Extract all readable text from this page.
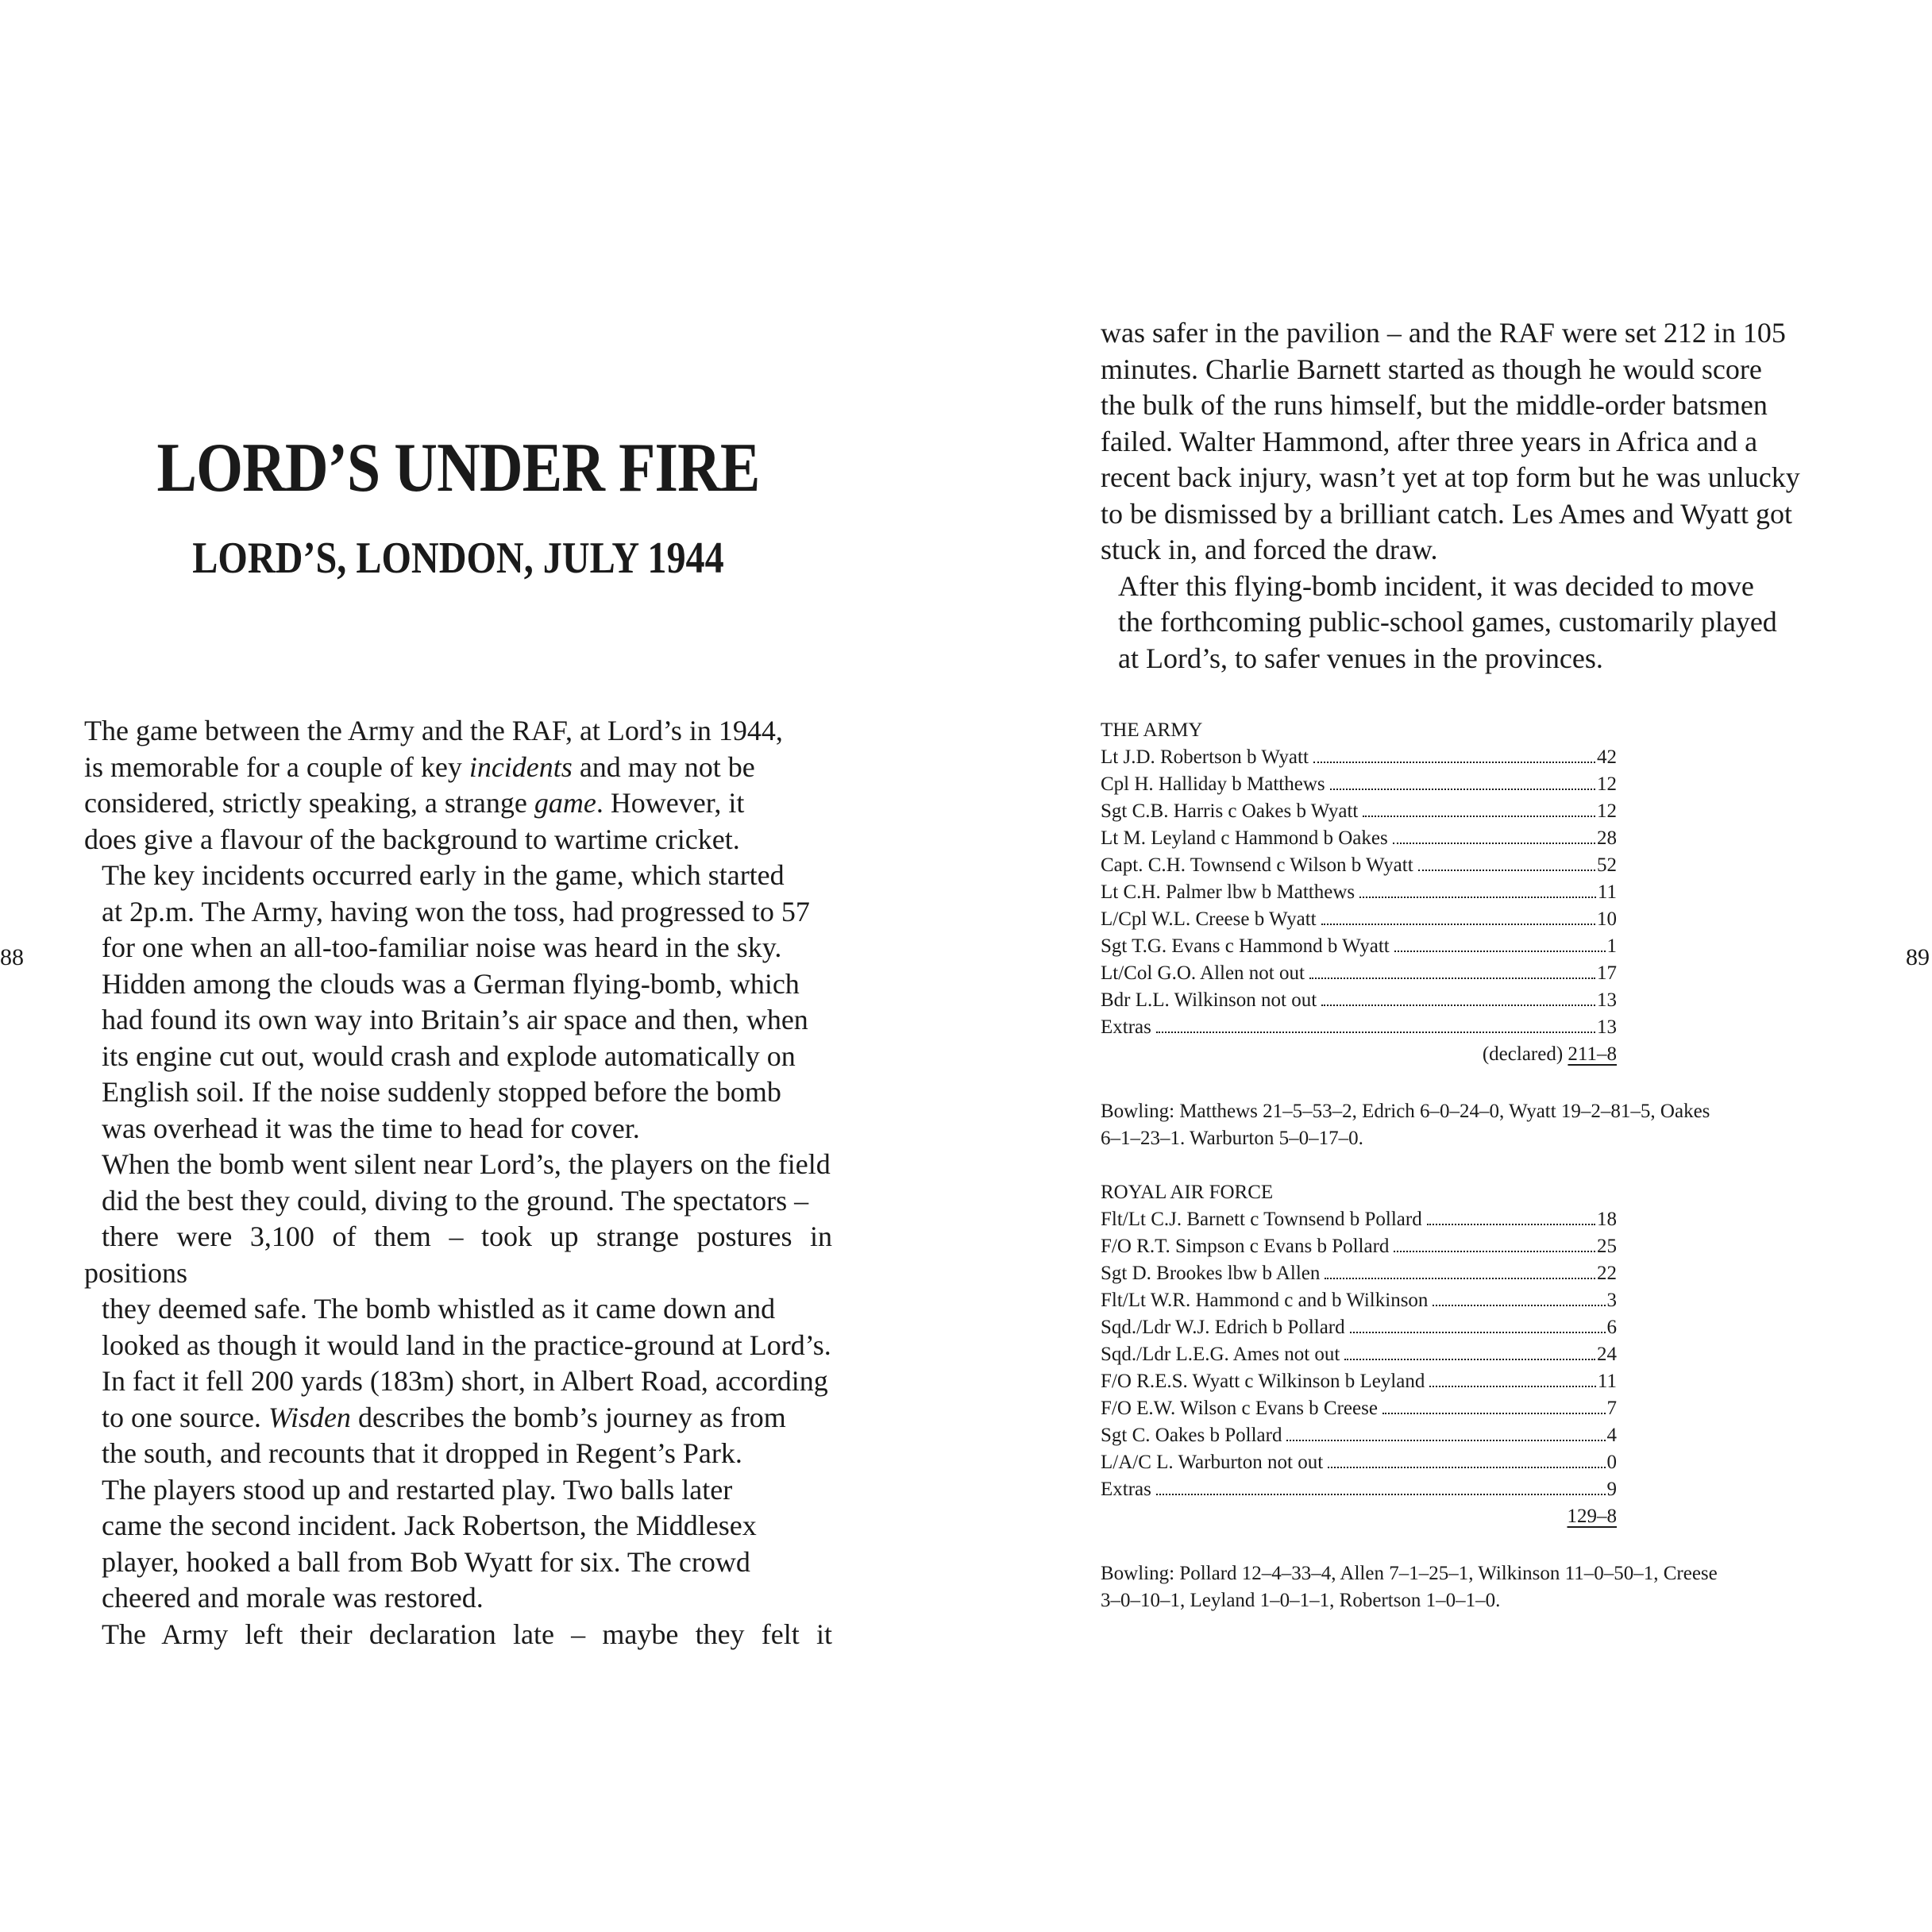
88	89
LORD’S UNDER FIRE
LORD’S, LONDON, JULY 1944

The game between the Army and the RAF, at Lord’s in 1944,
is memorable for a couple of key incidents and may not be
considered, strictly speaking, a strange game. However, it
does give a flavour of the background to wartime cricket.

The key incidents occurred early in the game, which started
at 2p.m. The Army, having won the toss, had progressed to 57
for one when an all-too-familiar noise was heard in the sky.
Hidden among the clouds was a German flying-bomb, which
had found its own way into Britain’s air space and then, when
its engine cut out, would crash and explode automatically on
English soil. If the noise suddenly stopped before the bomb
was overhead it was the time to head for cover.

When the bomb went silent near Lord’s, the players on the field
did the best they could, diving to the ground. The spectators –
there were 3,100 of them – took up strange postures in positions
they deemed safe. The bomb whistled as it came down and
looked as though it would land in the practice-ground at Lord’s.
In fact it fell 200 yards (183m) short, in Albert Road, according
to one source. Wisden describes the bomb’s journey as from
the south, and recounts that it dropped in Regent’s Park.

The players stood up and restarted play. Two balls later
came the second incident. Jack Robertson, the Middlesex
player, hooked a ball from Bob Wyatt for six. The crowd
cheered and morale was restored.

The Army left their declaration late – maybe they felt it

was safer in the pavilion – and the RAF were set 212 in 105
minutes. Charlie Barnett started as though he would score
the bulk of the runs himself, but the middle-order batsmen
failed. Walter Hammond, after three years in Africa and a
recent back injury, wasn’t yet at top form but he was unlucky
to be dismissed by a brilliant catch. Les Ames and Wyatt got
stuck in, and forced the draw.

After this flying-bomb incident, it was decided to move
the forthcoming public-school games, customarily played
at Lord’s, to safer venues in the provinces.

THE ARMY
Lt J.D. Robertson b Wyatt	42
Cpl H. Halliday b Matthews	12
Sgt C.B. Harris c Oakes b Wyatt	12
Lt M. Leyland c Hammond b Oakes	28
Capt. C.H. Townsend c Wilson b Wyatt	52
Lt C.H. Palmer lbw b Matthews	11
L/Cpl W.L. Creese b Wyatt	10
Sgt T.G. Evans c Hammond b Wyatt	1
Lt/Col G.O. Allen not out	17
Bdr L.L. Wilkinson not out	13
Extras	13
(declared) 211–8
Bowling: Matthews 21–5–53–2, Edrich 6–0–24–0, Wyatt 19–2–81–5, Oakes
6–1–23–1. Warburton 5–0–17–0.
ROYAL AIR FORCE
Flt/Lt C.J. Barnett c Townsend b Pollard	18
F/O R.T. Simpson c Evans b Pollard	25
Sgt D. Brookes lbw b Allen	22
Flt/Lt W.R. Hammond c and b Wilkinson	3
Sqd./Ldr W.J. Edrich b Pollard	6
Sqd./Ldr L.E.G. Ames not out	24
F/O R.E.S. Wyatt c Wilkinson b Leyland	11
F/O E.W. Wilson c Evans b Creese	7
Sgt C. Oakes b Pollard	4
L/A/C L. Warburton not out	0
Extras	9
129–8
Bowling: Pollard 12–4–33–4, Allen 7–1–25–1, Wilkinson 11–0–50–1, Creese
3–0–10–1, Leyland 1–0–1–1, Robertson 1–0–1–0.
